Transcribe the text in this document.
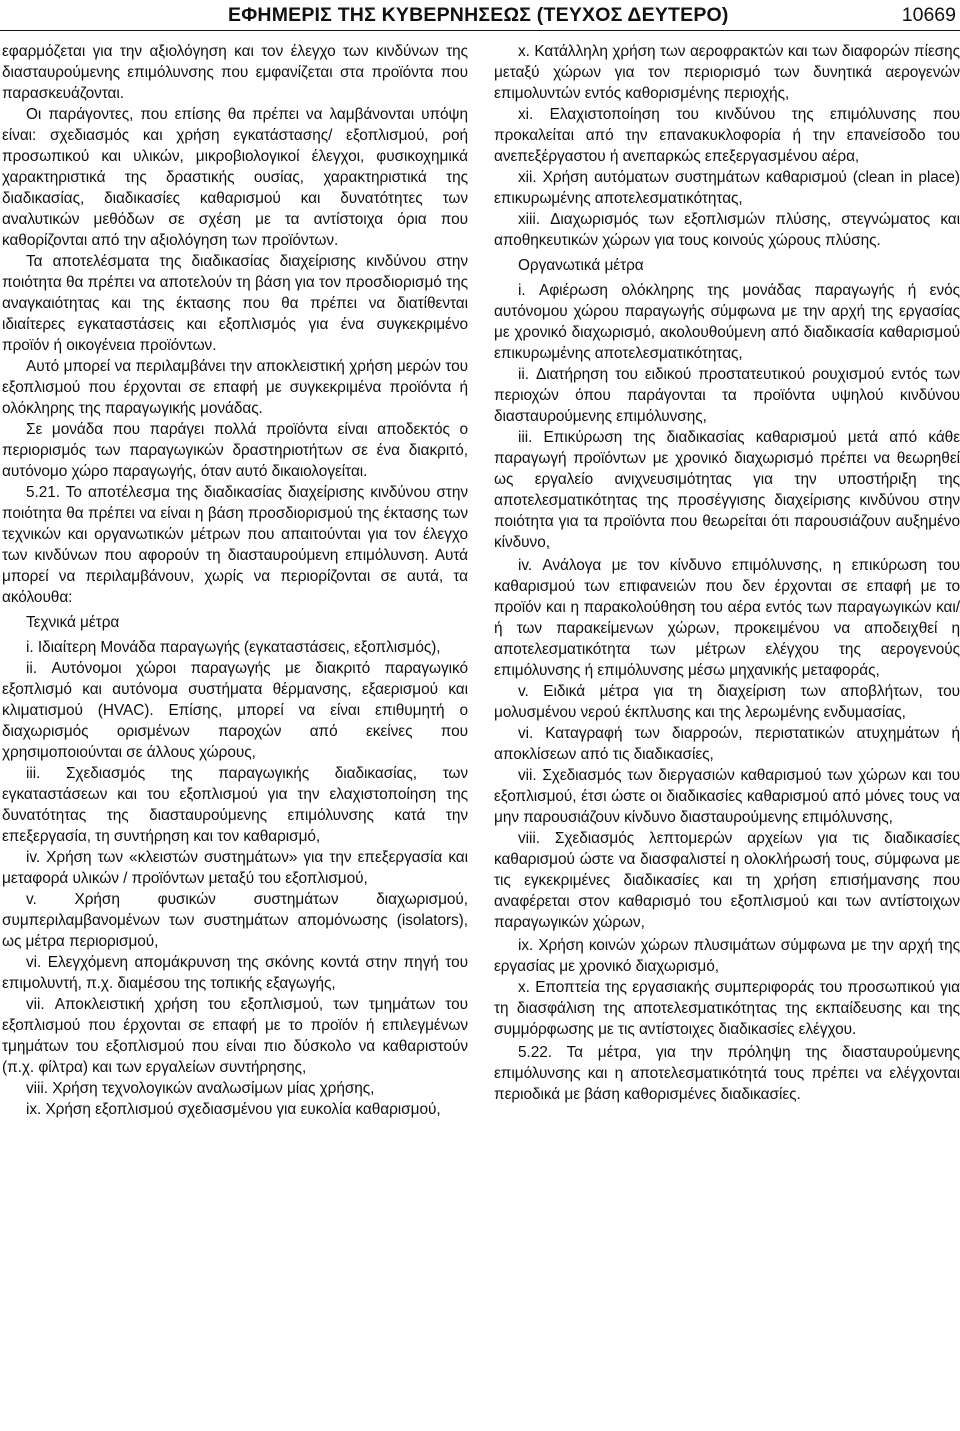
ΕΦΗΜΕΡΙΣ ΤΗΣ ΚΥΒΕΡΝΗΣΕΩΣ (ΤΕΥΧΟΣ ΔΕΥΤΕΡΟ)	10669

εφαρμόζεται για την αξιολόγηση και τον έλεγχο των κινδύνων της διασταυρούμενης επιμόλυνσης που εμφανίζεται στα προϊόντα που παρασκευάζονται.

Οι παράγοντες, που επίσης θα πρέπει να λαμβάνονται υπόψη είναι: σχεδιασμός και χρήση εγκατάστασης/ εξοπλισμού, ροή προσωπικού και υλικών, μικροβιολογικοί έλεγχοι, φυσικοχημικά χαρακτηριστικά της δραστικής ουσίας, χαρακτηριστικά της διαδικασίας, διαδικασίες καθαρισμού και δυνατότητες των αναλυτικών μεθόδων σε σχέση με τα αντίστοιχα όρια που καθορίζονται από την αξιολόγηση των προϊόντων.

Τα αποτελέσματα της διαδικασίας διαχείρισης κινδύνου στην ποιότητα θα πρέπει να αποτελούν τη βάση για τον προσδιορισμό της αναγκαιότητας και της έκτασης που θα πρέπει να διατίθενται ιδιαίτερες εγκαταστάσεις και εξοπλισμός για ένα συγκεκριμένο προϊόν ή οικογένεια προϊόντων.

Αυτό μπορεί να περιλαμβάνει την αποκλειστική χρήση μερών του εξοπλισμού που έρχονται σε επαφή με συγκεκριμένα προϊόντα ή ολόκληρης της παραγωγικής μονάδας.

Σε μονάδα που παράγει πολλά προϊόντα είναι αποδεκτός ο περιορισμός των παραγωγικών δραστηριοτήτων σε ένα διακριτό, αυτόνομο χώρο παραγωγής, όταν αυτό δικαιολογείται.

5.21. Το αποτέλεσμα της διαδικασίας διαχείρισης κινδύνου στην ποιότητα θα πρέπει να είναι η βάση προσδιορισμού της έκτασης των τεχνικών και οργανωτικών μέτρων που απαιτούνται για τον έλεγχο των κινδύνων που αφορούν τη διασταυρούμενη επιμόλυνση. Αυτά μπορεί να περιλαμβάνουν, χωρίς να περιορίζονται σε αυτά, τα ακόλουθα:

Τεχνικά μέτρα

i. Ιδιαίτερη Μονάδα παραγωγής (εγκαταστάσεις, εξοπλισμός),

ii. Αυτόνομοι χώροι παραγωγής με διακριτό παραγωγικό εξοπλισμό και αυτόνομα συστήματα θέρμανσης, εξαερισμού και κλιματισμού (HVAC). Επίσης, μπορεί να είναι επιθυμητή ο διαχωρισμός ορισμένων παροχών από εκείνες που χρησιμοποιούνται σε άλλους χώρους,

iii. Σχεδιασμός της παραγωγικής διαδικασίας, των εγκαταστάσεων και του εξοπλισμού για την ελαχιστοποίηση της δυνατότητας της διασταυρούμενης επιμόλυνσης κατά την επεξεργασία, τη συντήρηση και τον καθαρισμό,

iv. Χρήση των «κλειστών συστημάτων» για την επεξεργασία και μεταφορά υλικών / προϊόντων μεταξύ του εξοπλισμού,

v. Χρήση φυσικών συστημάτων διαχωρισμού, συμπεριλαμβανομένων των συστημάτων απομόνωσης (isolators), ως μέτρα περιορισμού,

vi. Ελεγχόμενη απομάκρυνση της σκόνης κοντά στην πηγή του επιμολυντή, π.χ. διαμέσου της τοπικής εξαγωγής,

vii. Αποκλειστική χρήση του εξοπλισμού, των τμημάτων του εξοπλισμού που έρχονται σε επαφή με το προϊόν ή επιλεγμένων τμημάτων του εξοπλισμού που είναι πιο δύσκολο να καθαριστούν (π.χ. φίλτρα) και των εργαλείων συντήρησης,

viii. Χρήση τεχνολογικών αναλωσίμων μίας χρήσης,

ix. Χρήση εξοπλισμού σχεδιασμένου για ευκολία καθαρισμού,

x. Κατάλληλη χρήση των αεροφρακτών και των διαφορών πίεσης μεταξύ χώρων για τον περιορισμό των δυνητικά αερογενών επιμολυντών εντός καθορισμένης περιοχής,

xi. Ελαχιστοποίηση του κινδύνου της επιμόλυνσης που προκαλείται από την επανακυκλοφορία ή την επανείσοδο του ανεπεξέργαστου ή ανεπαρκώς επεξεργασμένου αέρα,

xii. Χρήση αυτόματων συστημάτων καθαρισμού (clean in place) επικυρωμένης αποτελεσματικότητας,

xiii. Διαχωρισμός των εξοπλισμών πλύσης, στεγνώματος και αποθηκευτικών χώρων για τους κοινούς χώρους πλύσης.

Οργανωτικά μέτρα

i. Αφιέρωση ολόκληρης της μονάδας παραγωγής ή ενός αυτόνομου χώρου παραγωγής σύμφωνα με την αρχή της εργασίας με χρονικό διαχωρισμό, ακολουθούμενη από διαδικασία καθαρισμού επικυρωμένης αποτελεσματικότητας,

ii. Διατήρηση του ειδικού προστατευτικού ρουχισμού εντός των περιοχών όπου παράγονται τα προϊόντα υψηλού κινδύνου διασταυρούμενης επιμόλυνσης,

iii. Επικύρωση της διαδικασίας καθαρισμού μετά από κάθε παραγωγή προϊόντων με χρονικό διαχωρισμό πρέπει να θεωρηθεί ως εργαλείο ανιχνευσιμότητας για την υποστήριξη της αποτελεσματικότητας της προσέγγισης διαχείρισης κινδύνου στην ποιότητα για τα προϊόντα που θεωρείται ότι παρουσιάζουν αυξημένο κίνδυνο,

iv. Ανάλογα με τον κίνδυνο επιμόλυνσης, η επικύρωση του καθαρισμού των επιφανειών που δεν έρχονται σε επαφή με το προϊόν και η παρακολούθηση του αέρα εντός των παραγωγικών και/ ή των παρακείμενων χώρων, προκειμένου να αποδειχθεί η αποτελεσματικότητα των μέτρων ελέγχου της αερογενούς επιμόλυνσης ή επιμόλυνσης μέσω μηχανικής μεταφοράς,

v. Ειδικά μέτρα για τη διαχείριση των αποβλήτων, του μολυσμένου νερού έκπλυσης και της λερωμένης ενδυμασίας,

vi. Καταγραφή των διαρροών, περιστατικών ατυχημάτων ή αποκλίσεων από τις διαδικασίες,

vii. Σχεδιασμός των διεργασιών καθαρισμού των χώρων και του εξοπλισμού, έτσι ώστε οι διαδικασίες καθαρισμού από μόνες τους να μην παρουσιάζουν κίνδυνο διασταυρούμενης επιμόλυνσης,

viii. Σχεδιασμός λεπτομερών αρχείων για τις διαδικασίες καθαρισμού ώστε να διασφαλιστεί η ολοκλήρωσή τους, σύμφωνα με τις εγκεκριμένες διαδικασίες και τη χρήση επισήμανσης που αναφέρεται στον καθαρισμό του εξοπλισμού και των αντίστοιχων παραγωγικών χώρων,

ix. Χρήση κοινών χώρων πλυσιμάτων σύμφωνα με την αρχή της εργασίας με χρονικό διαχωρισμό,

x. Εποπτεία της εργασιακής συμπεριφοράς του προσωπικού για τη διασφάλιση της αποτελεσματικότητας της εκπαίδευσης και της συμμόρφωσης με τις αντίστοιχες διαδικασίες ελέγχου.

5.22. Τα μέτρα, για την πρόληψη της διασταυρούμενης επιμόλυνσης και η αποτελεσματικότητά τους πρέπει να ελέγχονται περιοδικά με βάση καθορισμένες διαδικασίες.
